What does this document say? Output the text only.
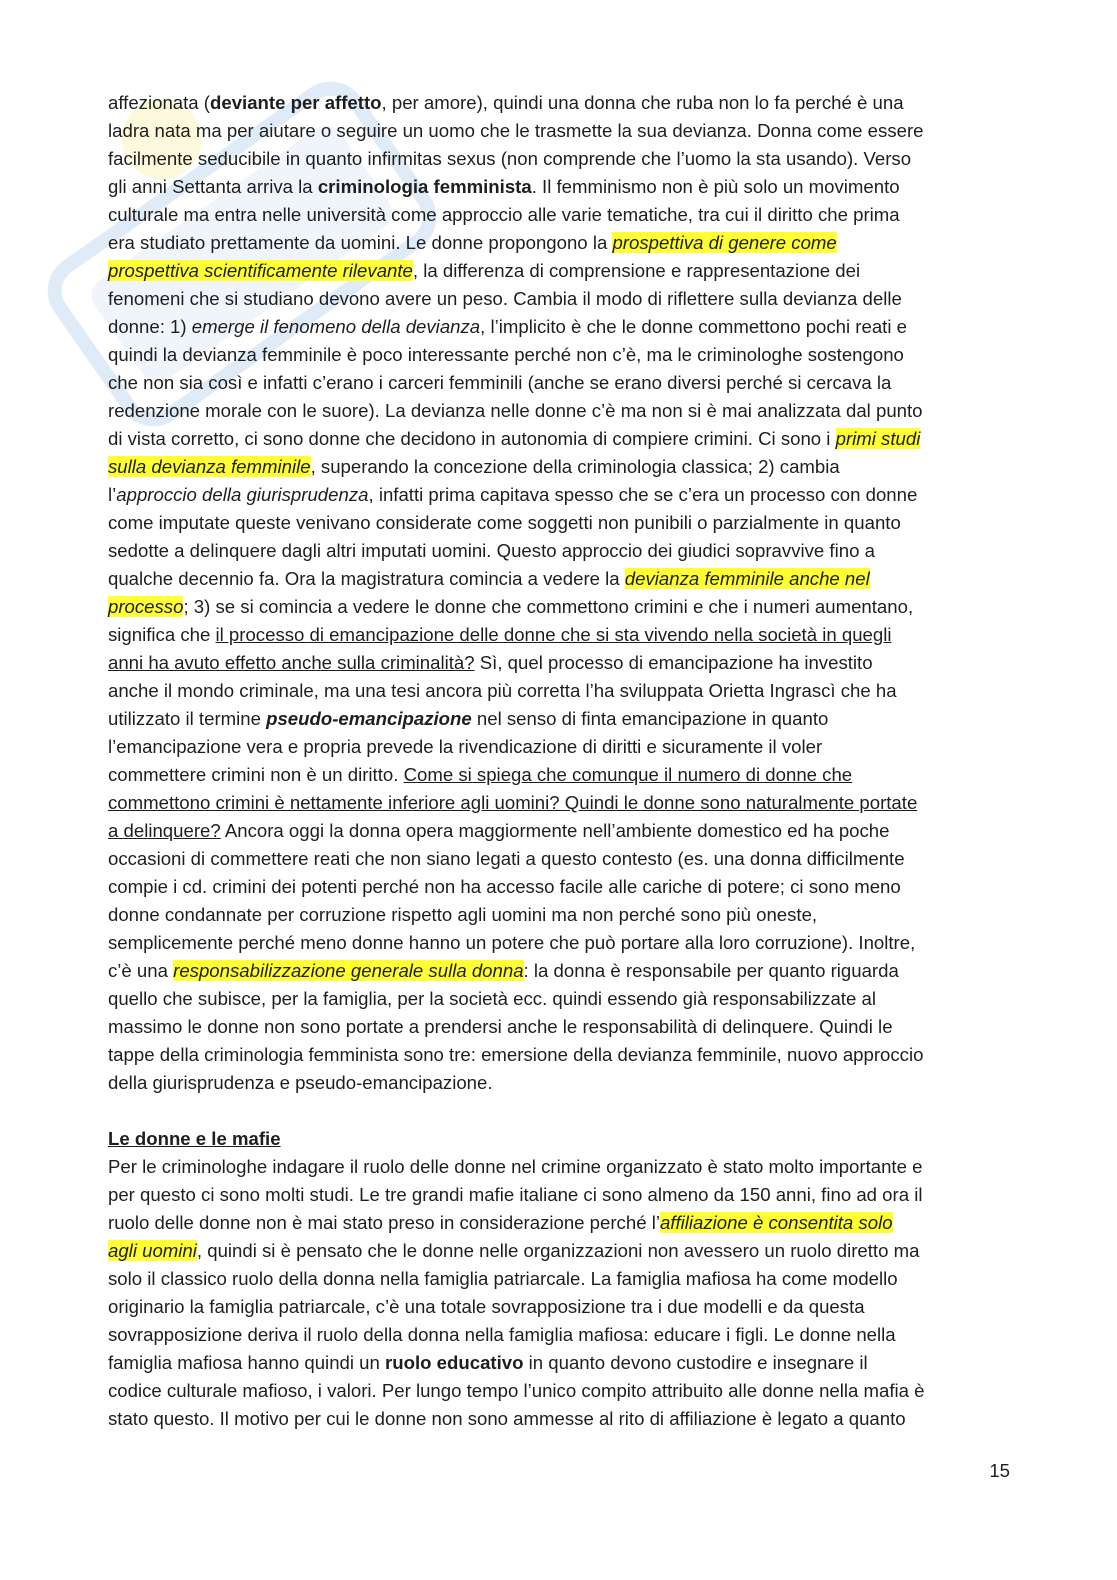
affezionata (deviante per affetto, per amore), quindi una donna che ruba non lo fa perché è una

ladra nata ma per aiutare o seguire un uomo che le trasmette la sua devianza. Donna come essere

facilmente seducibile in quanto infirmitas sexus (non comprende che l’uomo la sta usando). Verso

gli anni Settanta arriva la criminologia femminista. Il femminismo non è più solo un movimento

culturale ma entra nelle università come approccio alle varie tematiche, tra cui il diritto che prima

era studiato prettamente da uomini. Le donne propongono la prospettiva di genere come

prospettiva scientificamente rilevante, la differenza di comprensione e rappresentazione dei

fenomeni che si studiano devono avere un peso. Cambia il modo di riflettere sulla devianza delle

donne: 1) emerge il fenomeno della devianza, l’implicito è che le donne commettono pochi reati e

quindi la devianza femminile è poco interessante perché non c’è, ma le criminologhe sostengono

che non sia così e infatti c’erano i carceri femminili (anche se erano diversi perché si cercava la

redenzione morale con le suore). La devianza nelle donne c’è ma non si è mai analizzata dal punto

di vista corretto, ci sono donne che decidono in autonomia di compiere crimini. Ci sono i primi studi

sulla devianza femminile, superando la concezione della criminologia classica; 2) cambia

l’approccio della giurisprudenza, infatti prima capitava spesso che se c’era un processo con donne

come imputate queste venivano considerate come soggetti non punibili o parzialmente in quanto

sedotte a delinquere dagli altri imputati uomini. Questo approccio dei giudici sopravvive fino a

qualche decennio fa. Ora la magistratura comincia a vedere la devianza femminile anche nel

processo; 3) se si comincia a vedere le donne che commettono crimini e che i numeri aumentano,

significa che il processo di emancipazione delle donne che si sta vivendo nella società in quegli

anni ha avuto effetto anche sulla criminalità? Sì, quel processo di emancipazione ha investito

anche il mondo criminale, ma una tesi ancora più corretta l’ha sviluppata Orietta Ingrascì che ha

utilizzato il termine pseudo-emancipazione nel senso di finta emancipazione in quanto

l’emancipazione vera e propria prevede la rivendicazione di diritti e sicuramente il voler

commettere crimini non è un diritto. Come si spiega che comunque il numero di donne che

commettono crimini è nettamente inferiore agli uomini? Quindi le donne sono naturalmente portate

a delinquere? Ancora oggi la donna opera maggiormente nell’ambiente domestico ed ha poche

occasioni di commettere reati che non siano legati a questo contesto (es. una donna difficilmente

compie i cd. crimini dei potenti perché non ha accesso facile alle cariche di potere; ci sono meno

donne condannate per corruzione rispetto agli uomini ma non perché sono più oneste,

semplicemente perché meno donne hanno un potere che può portare alla loro corruzione). Inoltre,

c’è una responsabilizzazione generale sulla donna: la donna è responsabile per quanto riguarda

quello che subisce, per la famiglia, per la società ecc. quindi essendo già responsabilizzate al

massimo le donne non sono portate a prendersi anche le responsabilità di delinquere. Quindi le

tappe della criminologia femminista sono tre: emersione della devianza femminile, nuovo approccio

della giurisprudenza e pseudo-emancipazione.

Le donne e le mafie

Per le criminologhe indagare il ruolo delle donne nel crimine organizzato è stato molto importante e

per questo ci sono molti studi. Le tre grandi mafie italiane ci sono almeno da 150 anni, fino ad ora il

ruolo delle donne non è mai stato preso in considerazione perché l’affiliazione è consentita solo

agli uomini, quindi si è pensato che le donne nelle organizzazioni non avessero un ruolo diretto ma

solo il classico ruolo della donna nella famiglia patriarcale. La famiglia mafiosa ha come modello

originario la famiglia patriarcale, c’è una totale sovrapposizione tra i due modelli e da questa

sovrapposizione deriva il ruolo della donna nella famiglia mafiosa: educare i figli. Le donne nella

famiglia mafiosa hanno quindi un ruolo educativo in quanto devono custodire e insegnare il

codice culturale mafioso, i valori. Per lungo tempo l’unico compito attribuito alle donne nella mafia è

stato questo. Il motivo per cui le donne non sono ammesse al rito di affiliazione è legato a quanto

15
